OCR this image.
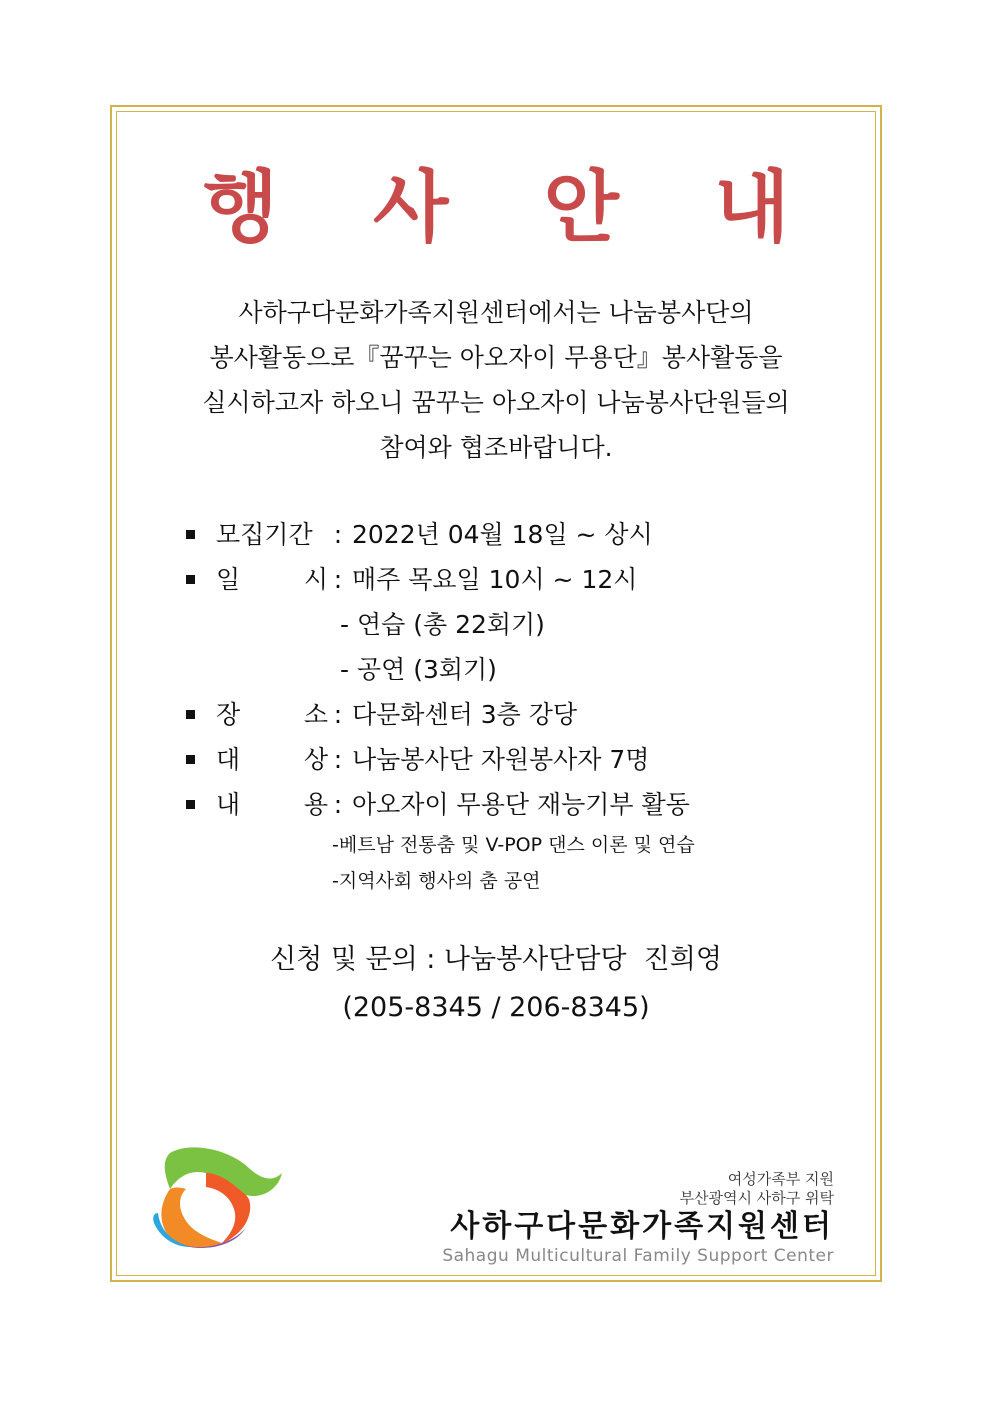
행 사 안 내

사하구다문화가족지원센터에서는 나눔봉사단의

봉사활동으로『꿈꾸는 아오자이 무용단』봉사활동을

실시하고자 하오니 꿈꾸는 아오자이 나눔봉사단원들의

참여와 협조바랍니다.

모집기간 : 2022년 04월 18일 ~ 상시
일	시 : 매주 목요일 10시 ~ 12시
- 연습 (총 22회기)
- 공연 (3회기)
장	소 : 다문화센터 3층 강당
대	상 : 나눔봉사단 자원봉사자 7명
내	용 : 아오자이 무용단 재능기부 활동
-베트남 전통춤 및 V-POP 댄스 이론 및 연습
-지역사회 행사의 춤 공연

신청 및 문의 : 나눔봉사단담당  진희영

(205-8345 / 206-8345)

여성가족부 지원
부산광역시 사하구 위탁
사하구다문화가족지원센터
Sahagu Multicultural Family Support Center
